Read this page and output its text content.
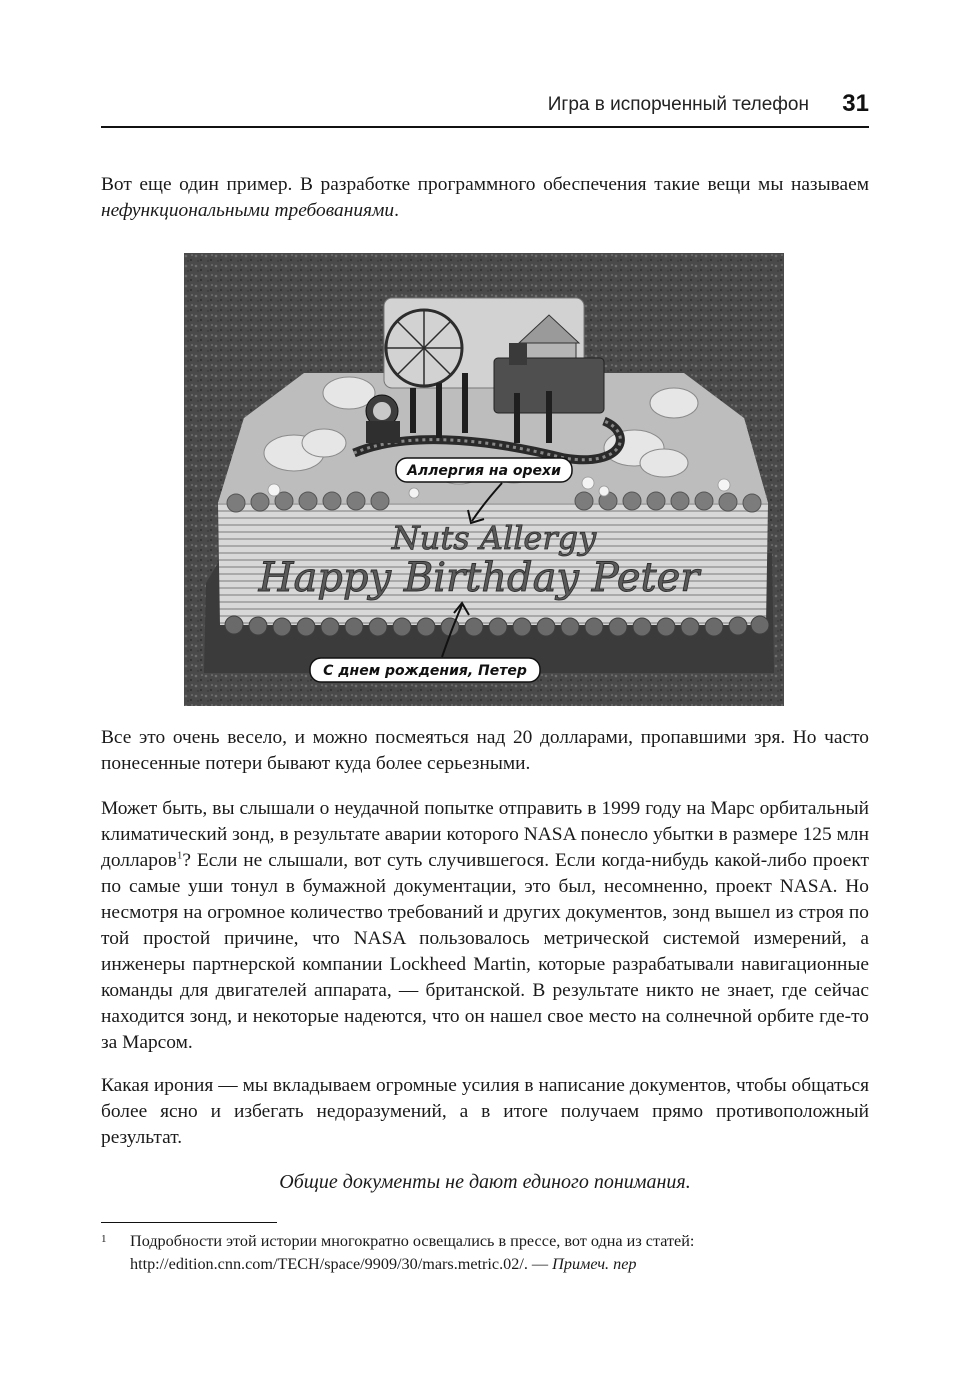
Игра в испорченный телефон 31

Вот еще один пример. В разработке программного обеспечения такие вещи мы называем нефункциональными требованиями.

Nuts Allergy
Happy Birthday Peter
Аллергия на орехи
С днем рождения, Петер

Все это очень весело, и можно посмеяться над 20 долларами, пропавшими зря. Но часто понесенные потери бывают куда более серьезными.

Может быть, вы слышали о неудачной попытке отправить в 1999 году на Марс орбитальный климатический зонд, в результате аварии которого NASA понесло убытки в размере 125 млн долларов$^1$? Если не слышали, вот суть случившегося. Если когда-нибудь какой-либо проект по самые уши тонул в бумажной документации, это был, несомненно, проект NASA. Но несмотря на огромное количество требований и других документов, зонд вышел из строя по той простой причине, что NASA пользовалось метрической системой измерений, а инженеры партнерской компании Lockheed Martin, которые разрабатывали навигационные команды для двигателей аппарата, — британской. В результате никто не знает, где сейчас находится зонд, и некоторые надеются, что он нашел свое место на солнечной орбите где-то за Марсом.

Какая ирония — мы вкладываем огромные усилия в написание документов, чтобы общаться более ясно и избегать недоразумений, а в итоге получаем прямо противоположный результат.

Общие документы не дают единого понимания.
1	Подробности этой истории многократно освещались в прессе, вот одна из статей: http://edition.cnn.com/TECH/space/9909/30/mars.metric.02/. — Примеч. пер
